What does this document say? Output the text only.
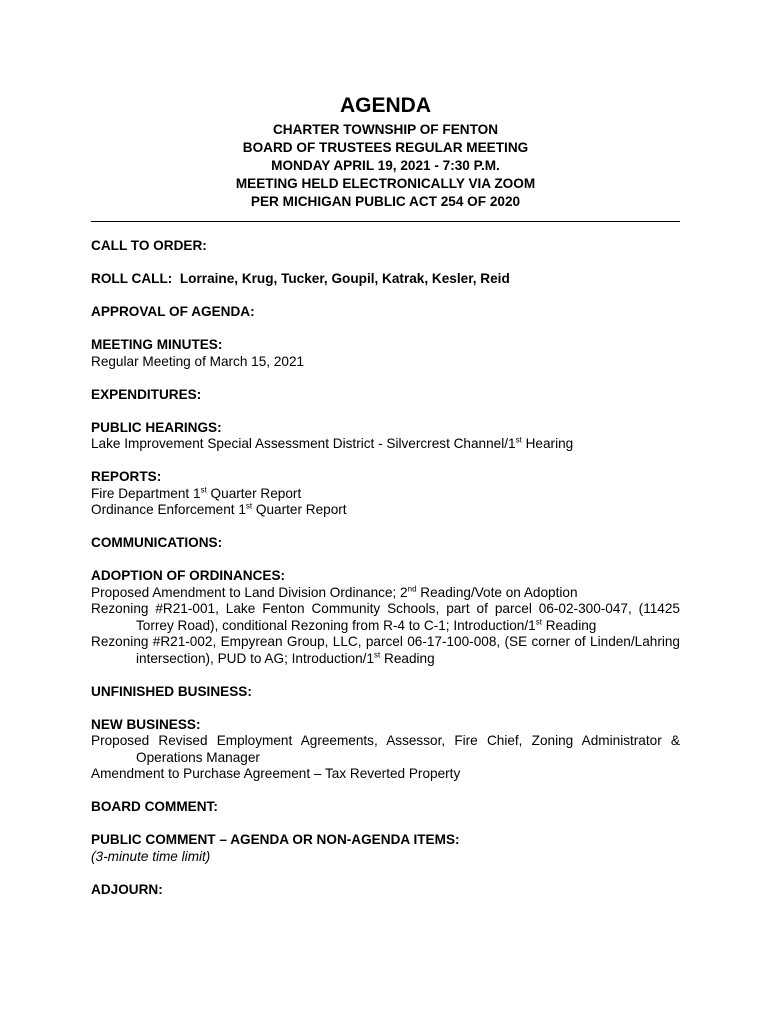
AGENDA

CHARTER TOWNSHIP OF FENTON

BOARD OF TRUSTEES REGULAR MEETING

MONDAY APRIL 19, 2021 - 7:30 P.M.

MEETING HELD ELECTRONICALLY VIA ZOOM

PER MICHIGAN PUBLIC ACT 254 OF 2020

CALL TO ORDER:
ROLL CALL: Lorraine, Krug, Tucker, Goupil, Katrak, Kesler, Reid
APPROVAL OF AGENDA:
MEETING MINUTES:
Regular Meeting of March 15, 2021
EXPENDITURES:
PUBLIC HEARINGS:
Lake Improvement Special Assessment District - Silvercrest Channel/1st Hearing
REPORTS:
Fire Department 1st Quarter Report
Ordinance Enforcement 1st Quarter Report
COMMUNICATIONS:
ADOPTION OF ORDINANCES:
Proposed Amendment to Land Division Ordinance; 2nd Reading/Vote on Adoption
Rezoning #R21-001, Lake Fenton Community Schools, part of parcel 06-02-300-047, (11425 Torrey Road), conditional Rezoning from R-4 to C-1; Introduction/1st Reading
Rezoning #R21-002, Empyrean Group, LLC, parcel 06-17-100-008, (SE corner of Linden/Lahring intersection), PUD to AG; Introduction/1st Reading
UNFINISHED BUSINESS:
NEW BUSINESS:
Proposed Revised Employment Agreements, Assessor, Fire Chief, Zoning Administrator & Operations Manager
Amendment to Purchase Agreement – Tax Reverted Property
BOARD COMMENT:
PUBLIC COMMENT – AGENDA OR NON-AGENDA ITEMS:
(3-minute time limit)
ADJOURN:
